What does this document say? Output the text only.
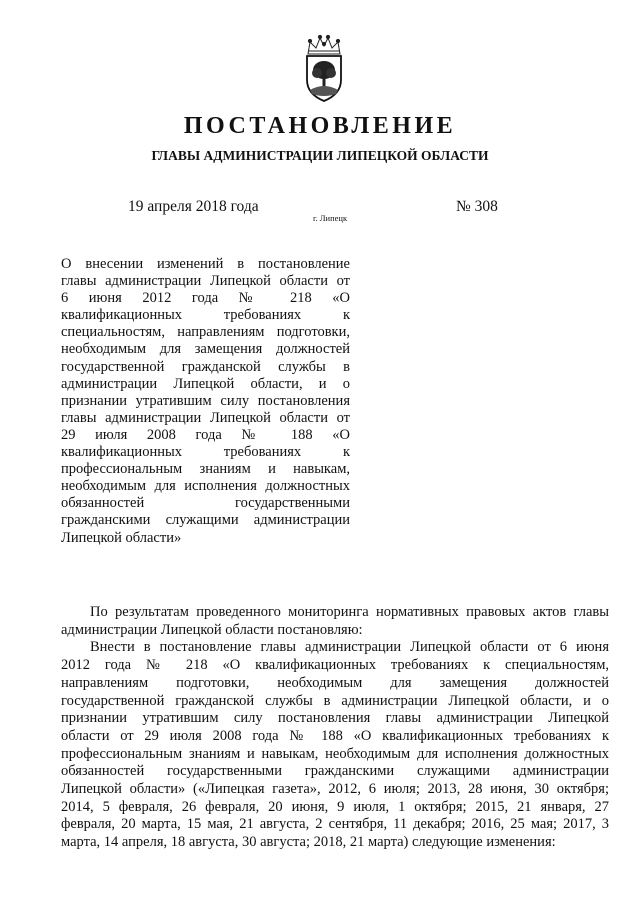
ПОСТАНОВЛЕНИЕ
ГЛАВЫ АДМИНИСТРАЦИИ ЛИПЕЦКОЙ ОБЛАСТИ
19 апреля 2018 года
г. Липецк
№ 308
О внесении изменений в постановление
главы администрации Липецкой области от
6 июня 2012 года № 218 «О
квалификационных требованиях к
специальностям, направлениям подготовки,
необходимым для замещения должностей
государственной гражданской службы в
администрации Липецкой области, и о
признании утратившим силу постановления
главы администрации Липецкой области от
29 июля 2008 года № 188 «О
квалификационных требованиях к
профессиональным знаниям и навыкам,
необходимым для исполнения должностных
обязанностей государственными
гражданскими служащими администрации
Липецкой области»
По результатам проведенного мониторинга нормативных правовых актов главы
администрации Липецкой области постановляю:
Внести в постановление главы администрации Липецкой области от 6 июня
2012 года № 218 «О квалификационных требованиях к специальностям,
направлениям подготовки, необходимым для замещения должностей
государственной гражданской службы в администрации Липецкой области, и о
признании утратившим силу постановления главы администрации Липецкой
области от 29 июля 2008 года № 188 «О квалификационных требованиях к
профессиональным знаниям и навыкам, необходимым для исполнения должностных
обязанностей государственными гражданскими служащими администрации
Липецкой области» («Липецкая газета», 2012, 6 июля; 2013, 28 июня, 30 октября;
2014, 5 февраля, 26 февраля, 20 июня, 9 июля, 1 октября; 2015, 21 января, 27
февраля, 20 марта, 15 мая, 21 августа, 2 сентября, 11 декабря; 2016, 25 мая; 2017, 3
марта, 14 апреля, 18 августа, 30 августа; 2018, 21 марта) следующие изменения:
